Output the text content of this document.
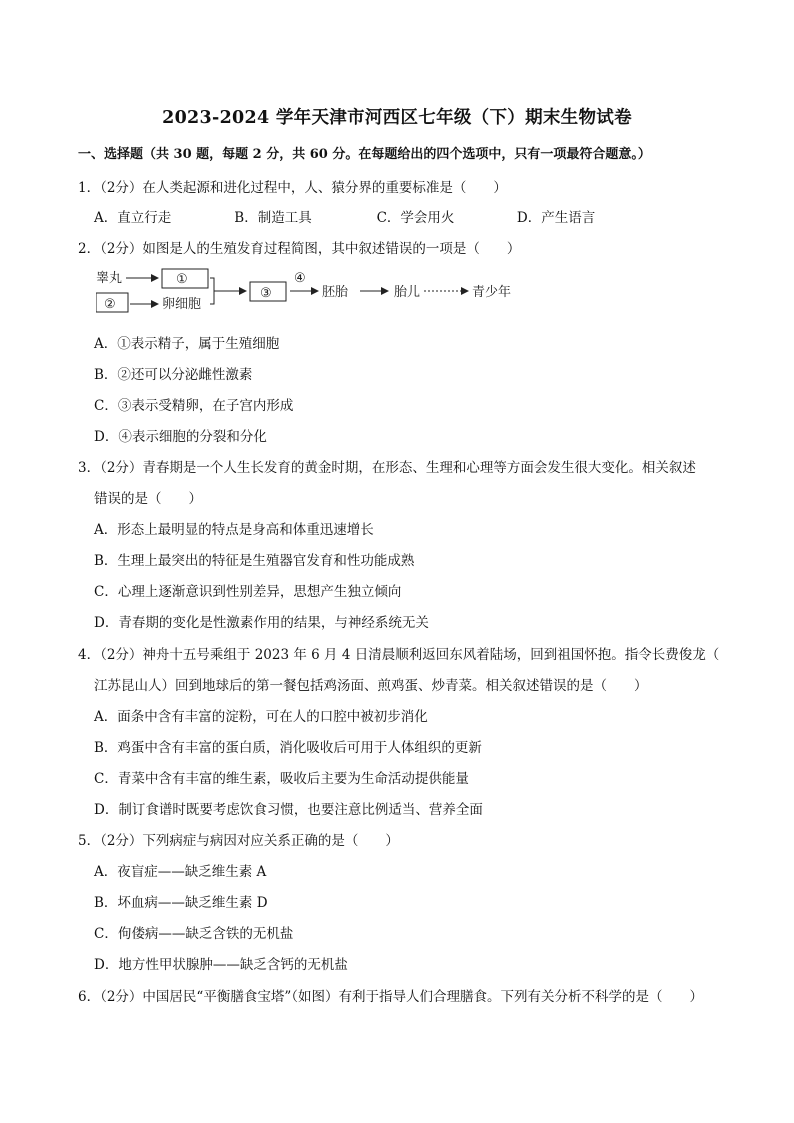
2023-2024 学年天津市河西区七年级（下）期末生物试卷
一、选择题（共 30 题，每题 2 分，共 60 分。在每题给出的四个选项中，只有一项最符合题意。）
1．（2分）在人类起源和进化过程中，人、猿分界的重要标准是（　　）
A．直立行走	B．制造工具	C．学会用火	D．产生语言
2．（2分）如图是人的生殖发育过程简图，其中叙述错误的一项是（　　）
睾丸	①
②	卵细胞
③
④
胚胎	胎儿	青少年
A．①表示精子，属于生殖细胞
B．②还可以分泌雌性激素
C．③表示受精卵，在子宫内形成
D．④表示细胞的分裂和分化
3．（2分）青春期是一个人生长发育的黄金时期，在形态、生理和心理等方面会发生很大变化。相关叙述
错误的是（　　）
A．形态上最明显的特点是身高和体重迅速增长
B．生理上最突出的特征是生殖器官发育和性功能成熟
C．心理上逐渐意识到性别差异，思想产生独立倾向
D．青春期的变化是性激素作用的结果，与神经系统无关
4．（2分）神舟十五号乘组于 2023 年 6 月 4 日清晨顺利返回东风着陆场，回到祖国怀抱。指令长费俊龙（
江苏昆山人）回到地球后的第一餐包括鸡汤面、煎鸡蛋、炒青菜。相关叙述错误的是（　　）
A．面条中含有丰富的淀粉，可在人的口腔中被初步消化
B．鸡蛋中含有丰富的蛋白质，消化吸收后可用于人体组织的更新
C．青菜中含有丰富的维生素，吸收后主要为生命活动提供能量
D．制订食谱时既要考虑饮食习惯，也要注意比例适当、营养全面
5．（2分）下列病症与病因对应关系正确的是（　　）
A．夜盲症——缺乏维生素 A
B．坏血病——缺乏维生素 D
C．佝偻病——缺乏含铁的无机盐
D．地方性甲状腺肿——缺乏含钙的无机盐
6．（2分）中国居民“平衡膳食宝塔”（如图）有利于指导人们合理膳食。下列有关分析不科学的是（　　）
